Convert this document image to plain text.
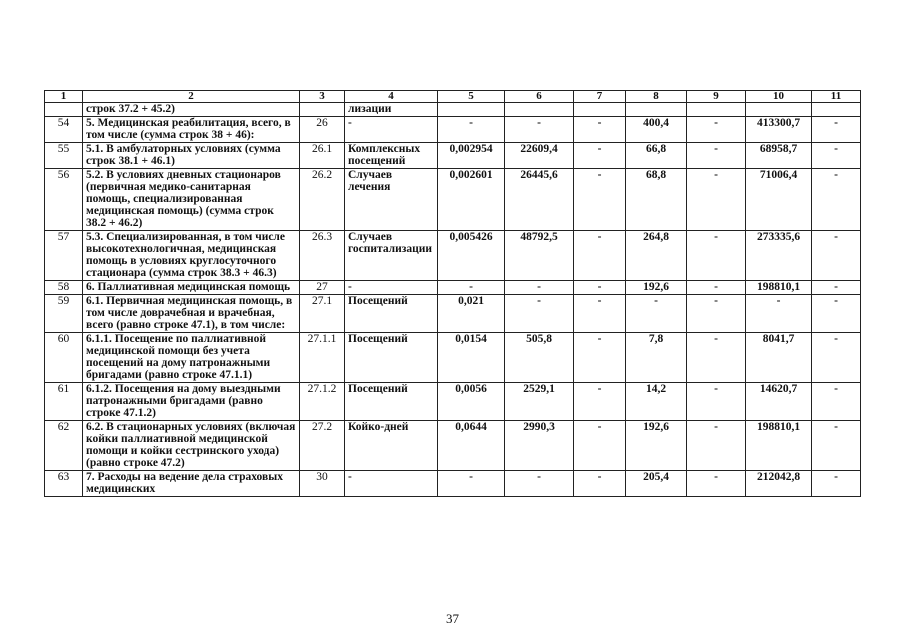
1	2	3	4	5	6	7	8	9	10	11
	строк 37.2 + 45.2)		лизации							
54	5. Медицинская реабилитация, всего, в том числе (сумма строк 38 + 46):	26	-	-	-	-	400,4	-	413300,7	-
55	5.1. В амбулаторных условиях (сумма строк 38.1 + 46.1)	26.1	Комплексных посещений	0,002954	22609,4	-	66,8	-	68958,7	-
56	5.2. В условиях дневных стационаров (первичная медико-санитарная помощь, специализированная медицинская помощь) (сумма строк 38.2 + 46.2)	26.2	Случаев лечения	0,002601	26445,6	-	68,8	-	71006,4	-
57	5.3. Специализированная, в том числе высокотехнологичная, медицинская помощь в условиях круглосуточного стационара (сумма строк 38.3 + 46.3)	26.3	Случаев госпитализации	0,005426	48792,5	-	264,8	-	273335,6	-
58	6. Паллиативная медицинская помощь	27	-	-	-	-	192,6	-	198810,1	-
59	6.1. Первичная медицинская помощь, в том числе доврачебная и врачебная, всего (равно строке 47.1), в том числе:	27.1	Посещений	0,021	-	-	-	-	-	-
60	6.1.1. Посещение по паллиативной медицинской помощи без учета посещений на дому патронажными бригадами (равно строке 47.1.1)	27.1.1	Посещений	0,0154	505,8	-	7,8	-	8041,7	-
61	6.1.2. Посещения на дому выездными патронажными бригадами (равно строке 47.1.2)	27.1.2	Посещений	0,0056	2529,1	-	14,2	-	14620,7	-
62	6.2. В стационарных условиях (включая койки паллиативной медицинской помощи и койки сестринского ухода) (равно строке 47.2)	27.2	Койко-дней	0,0644	2990,3	-	192,6	-	198810,1	-
63	7. Расходы на ведение дела страховых медицинских	30	-	-	-	-	205,4	-	212042,8	-
37
